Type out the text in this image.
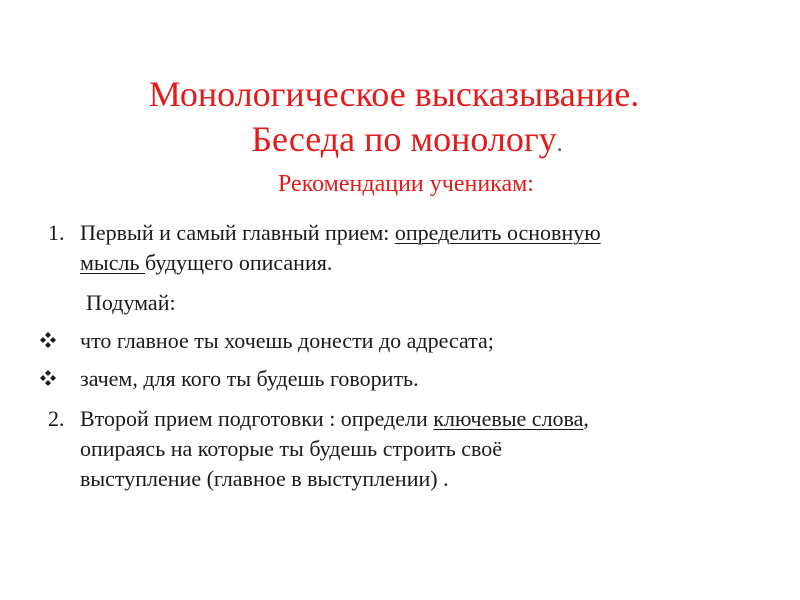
Монологическое высказывание.
Беседа по монологу.
Рекомендации ученикам:
1. Первый и самый главный прием: определить основную
мысль будущего описания.
Подумай:
что главное ты хочешь донести до адресата;
зачем, для кого ты будешь говорить.
2. Второй прием подготовки : определи ключевые слова,
опираясь на которые ты будешь строить своё
выступление (главное в выступлении) .
